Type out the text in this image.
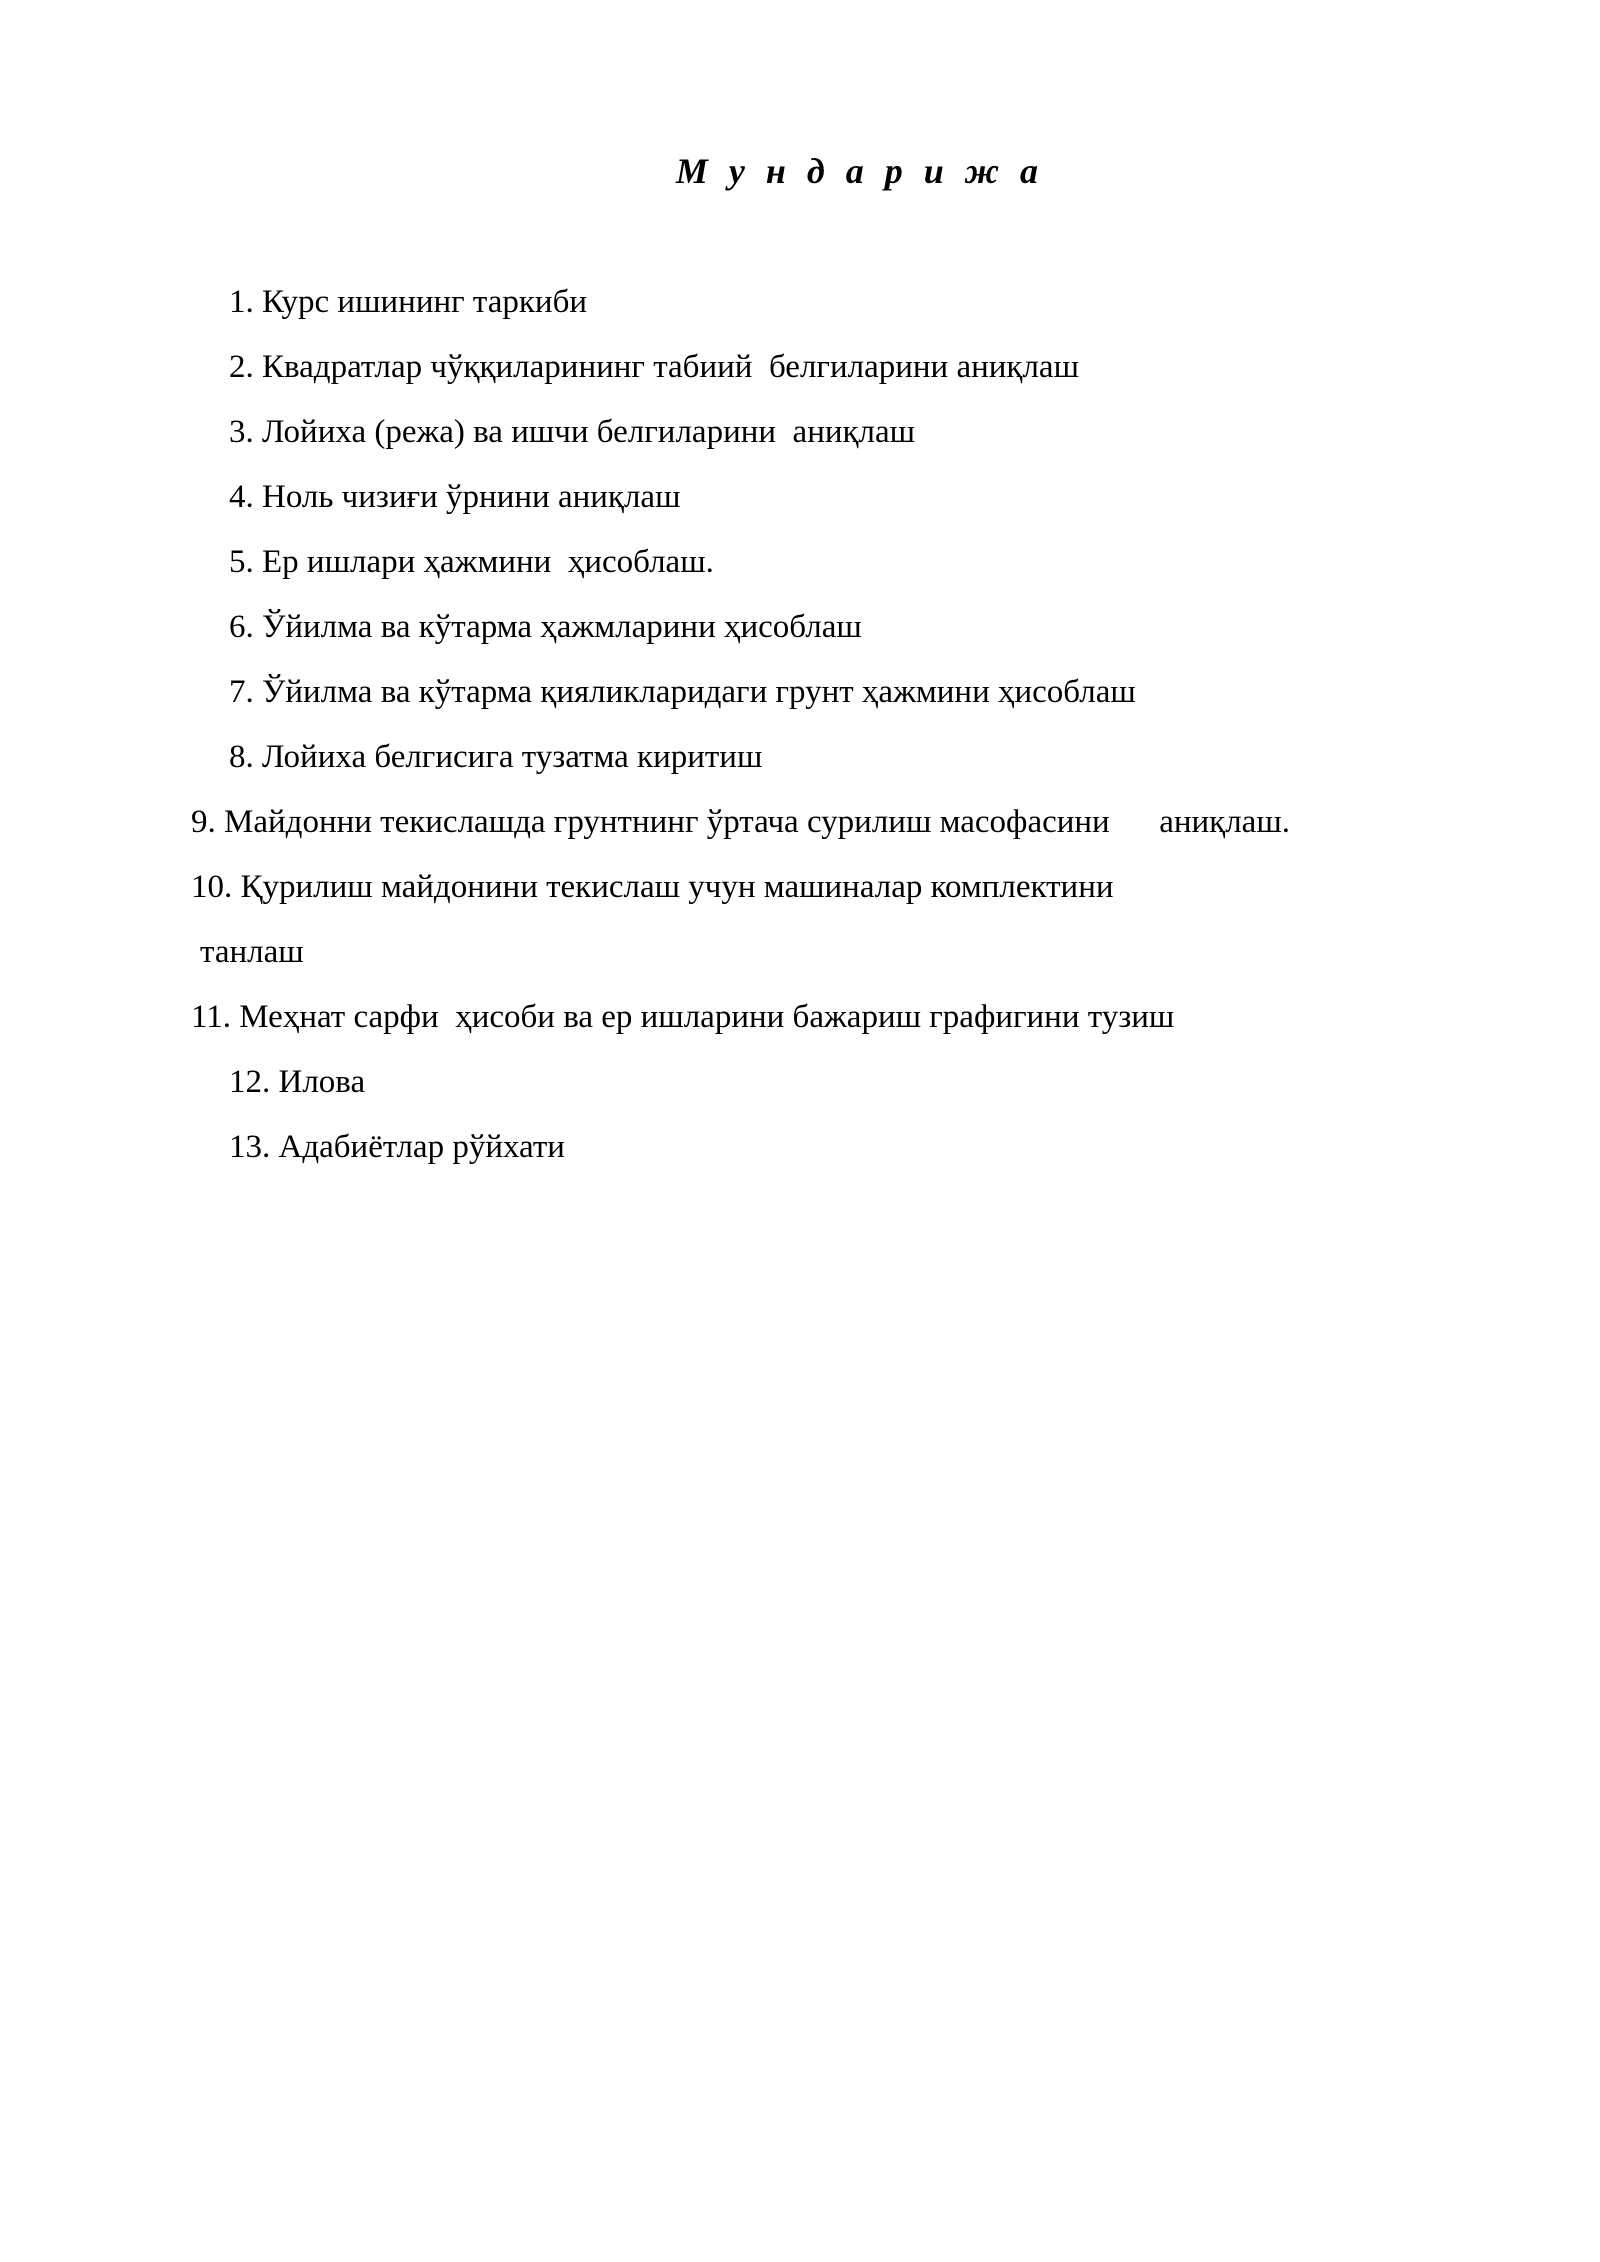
М у н д а р и ж а
1. Курс ишининг таркиби
2. Квадратлар чўққиларининг табиий  белгиларини аниқлаш
3. Лойиха (режа) ва ишчи белгиларини  аниқлаш
4. Ноль чизиғи ўрнини аниқлаш
5. Ер ишлари ҳажмини  ҳисоблаш.
6. Ўйилма ва кўтарма ҳажмларини ҳисоблаш
7. Ўйилма ва кўтарма қияликларидаги грунт ҳажмини ҳисоблаш
8. Лойиха белгисига тузатма киритиш
9. Майдонни текислашда грунтнинг ўртача сурилиш масофасини      аниқлаш.
10. Қурилиш майдонини текислаш учун машиналар комплектини
танлаш
11. Меҳнат сарфи  ҳисоби ва ер ишларини бажариш графигини тузиш
12. Илова
13. Адабиётлар рўйхати
